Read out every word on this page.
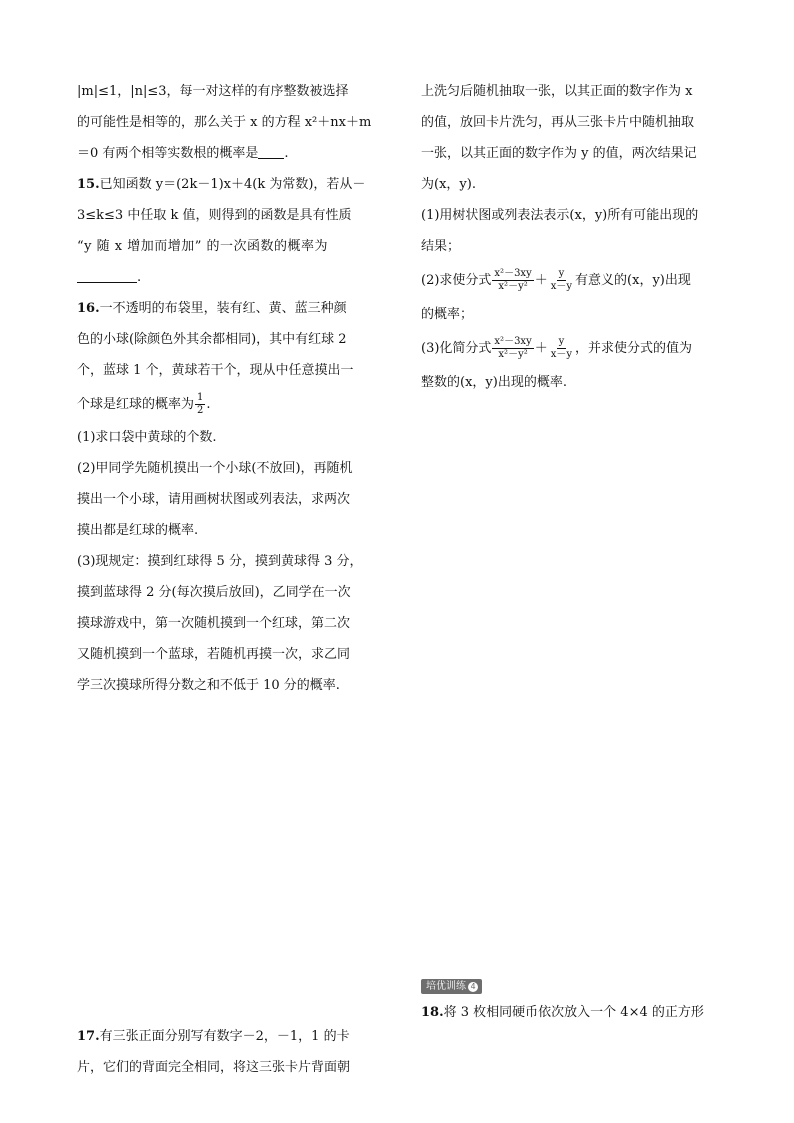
|m|≤1，|n|≤3，每一对这样的有序整数被选择
的可能性是相等的，那么关于 x 的方程 x²＋nx＋m
＝0 有两个相等实数根的概率是 .
15.已知函数 y＝(2k－1)x＋4(k 为常数)，若从－
3≤k≤3 中任取 k 值，则得到的函数是具有性质
“y 随 x 增加而增加” 的一次函数的概率为
.
16.一不透明的布袋里，装有红、黄、蓝三种颜
色的小球(除颜色外其余都相同)，其中有红球 2
个，蓝球 1 个，黄球若干个，现从中任意摸出一
个球是红球的概率为 $\frac{1}{2}$ .
(1)求口袋中黄球的个数.
(2)甲同学先随机摸出一个小球(不放回)，再随机
摸出一个小球，请用画树状图或列表法，求两次
摸出都是红球的概率.
(3)现规定：摸到红球得 5 分，摸到黄球得 3 分，
摸到蓝球得 2 分(每次摸后放回)，乙同学在一次
摸球游戏中，第一次随机摸到一个红球，第二次
又随机摸到一个蓝球，若随机再摸一次，求乙同
学三次摸球所得分数之和不低于 10 分的概率.
上洗匀后随机抽取一张，以其正面的数字作为 x
的值，放回卡片洗匀，再从三张卡片中随机抽取
一张，以其正面的数字作为 y 的值，两次结果记
为(x，y).
(1)用树状图或列表法表示(x，y)所有可能出现的
结果；
(2)求使分式 $\frac{\text{x²－3xy}}{\text{x²－y²}} + \frac{y}{x-y}$ 有意义的(x，y)出现
的概率；
(3)化简分式 $\frac{\text{x²－3xy}}{\text{x²－y²}} + \frac{y}{x-y}$ ，并求使分式的值为
整数的(x，y)出现的概率.
17.有三张正面分别写有数字－2，－1，1 的卡
片，它们的背面完全相同，将这三张卡片背面朝
培优训练 4
18.将 3 枚相同硬币依次放入一个 4×4 的正方形
